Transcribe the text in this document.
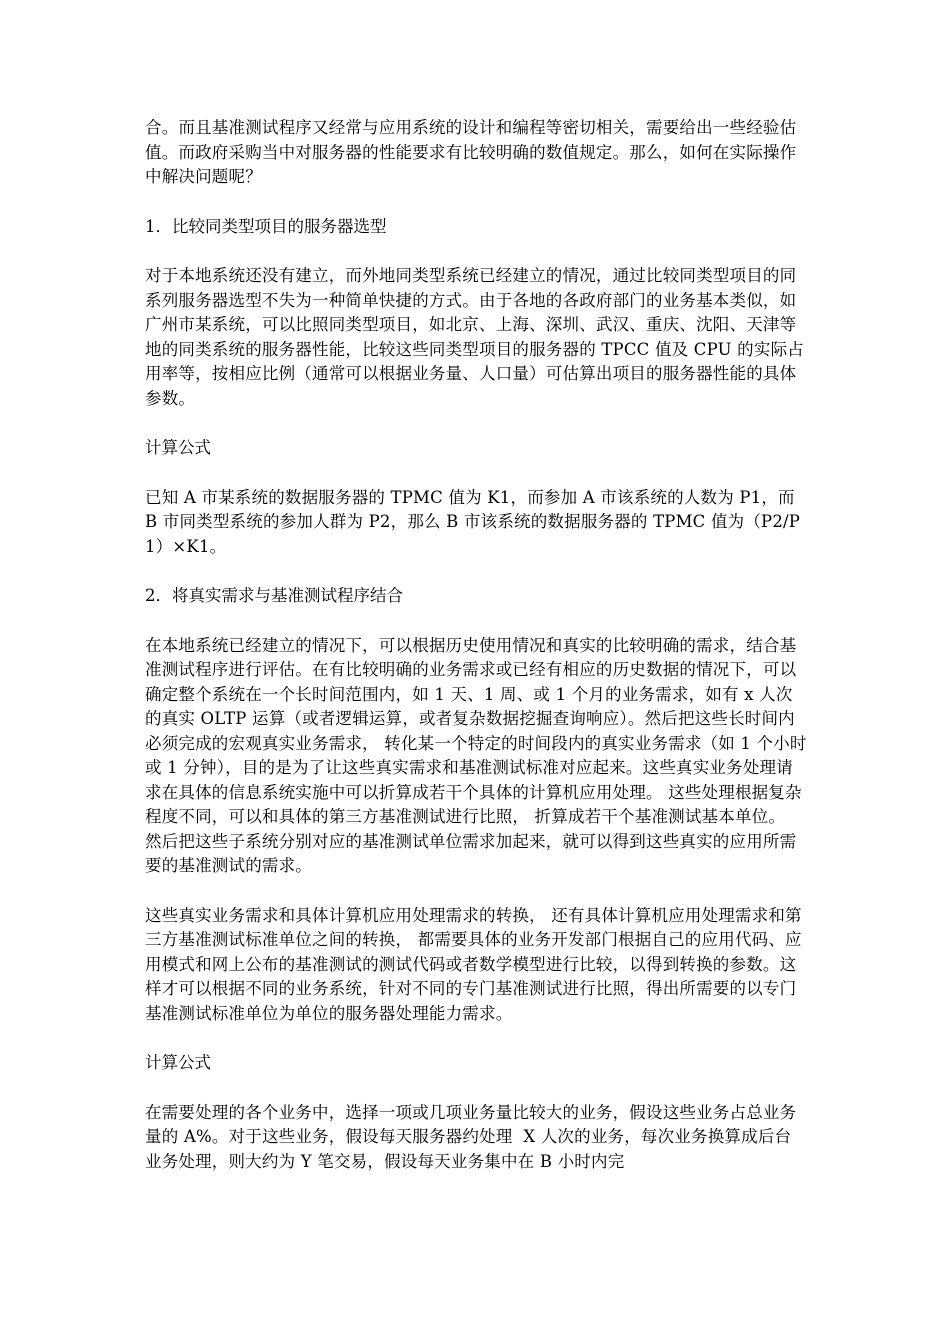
合。而且基准测试程序又经常与应用系统的设计和编程等密切相关，需要给出一些经验估值。而政府采购当中对服务器的性能要求有比较明确的数值规定。那么，如何在实际操作中解决问题呢？

1．比较同类型项目的服务器选型

对于本地系统还没有建立，而外地同类型系统已经建立的情况，通过比较同类型项目的同系列服务器选型不失为一种简单快捷的方式。由于各地的各政府部门的业务基本类似，如广州市某系统，可以比照同类型项目，如北京、上海、深圳、武汉、重庆、沈阳、天津等地的同类系统的服务器性能，比较这些同类型项目的服务器的 TPCC 值及 CPU 的实际占用率等，按相应比例（通常可以根据业务量、人口量）可估算出项目的服务器性能的具体参数。

计算公式

已知 A 市某系统的数据服务器的 TPMC 值为 K1，而参加 A 市该系统的人数为 P1，而 B 市同类型系统的参加人群为 P2，那么 B 市该系统的数据服务器的 TPMC 值为（P2/P1）×K1。

2．将真实需求与基准测试程序结合

在本地系统已经建立的情况下，可以根据历史使用情况和真实的比较明确的需求，结合基准测试程序进行评估。在有比较明确的业务需求或已经有相应的历史数据的情况下，可以确定整个系统在一个长时间范围内，如 1 天、1 周、或 1 个月的业务需求，如有 x 人次的真实 OLTP 运算（或者逻辑运算，或者复杂数据挖掘查询响应）。然后把这些长时间内必须完成的宏观真实业务需求， 转化某一个特定的时间段内的真实业务需求（如 1 个小时或 1 分钟），目的是为了让这些真实需求和基准测试标准对应起来。这些真实业务处理请求在具体的信息系统实施中可以折算成若干个具体的计算机应用处理。 这些处理根据复杂程度不同，可以和具体的第三方基准测试进行比照， 折算成若干个基准测试基本单位。 然后把这些子系统分别对应的基准测试单位需求加起来，就可以得到这些真实的应用所需要的基准测试的需求。

这些真实业务需求和具体计算机应用处理需求的转换， 还有具体计算机应用处理需求和第三方基准测试标准单位之间的转换， 都需要具体的业务开发部门根据自己的应用代码、应用模式和网上公布的基准测试的测试代码或者数学模型进行比较，以得到转换的参数。这样才可以根据不同的业务系统，针对不同的专门基准测试进行比照，得出所需要的以专门基准测试标准单位为单位的服务器处理能力需求。

计算公式

在需要处理的各个业务中，选择一项或几项业务量比较大的业务，假设这些业务占总业务量的 A%。对于这些业务，假设每天服务器约处理  X 人次的业务，每次业务换算成后台业务处理，则大约为 Y 笔交易，假设每天业务集中在 B 小时内完
